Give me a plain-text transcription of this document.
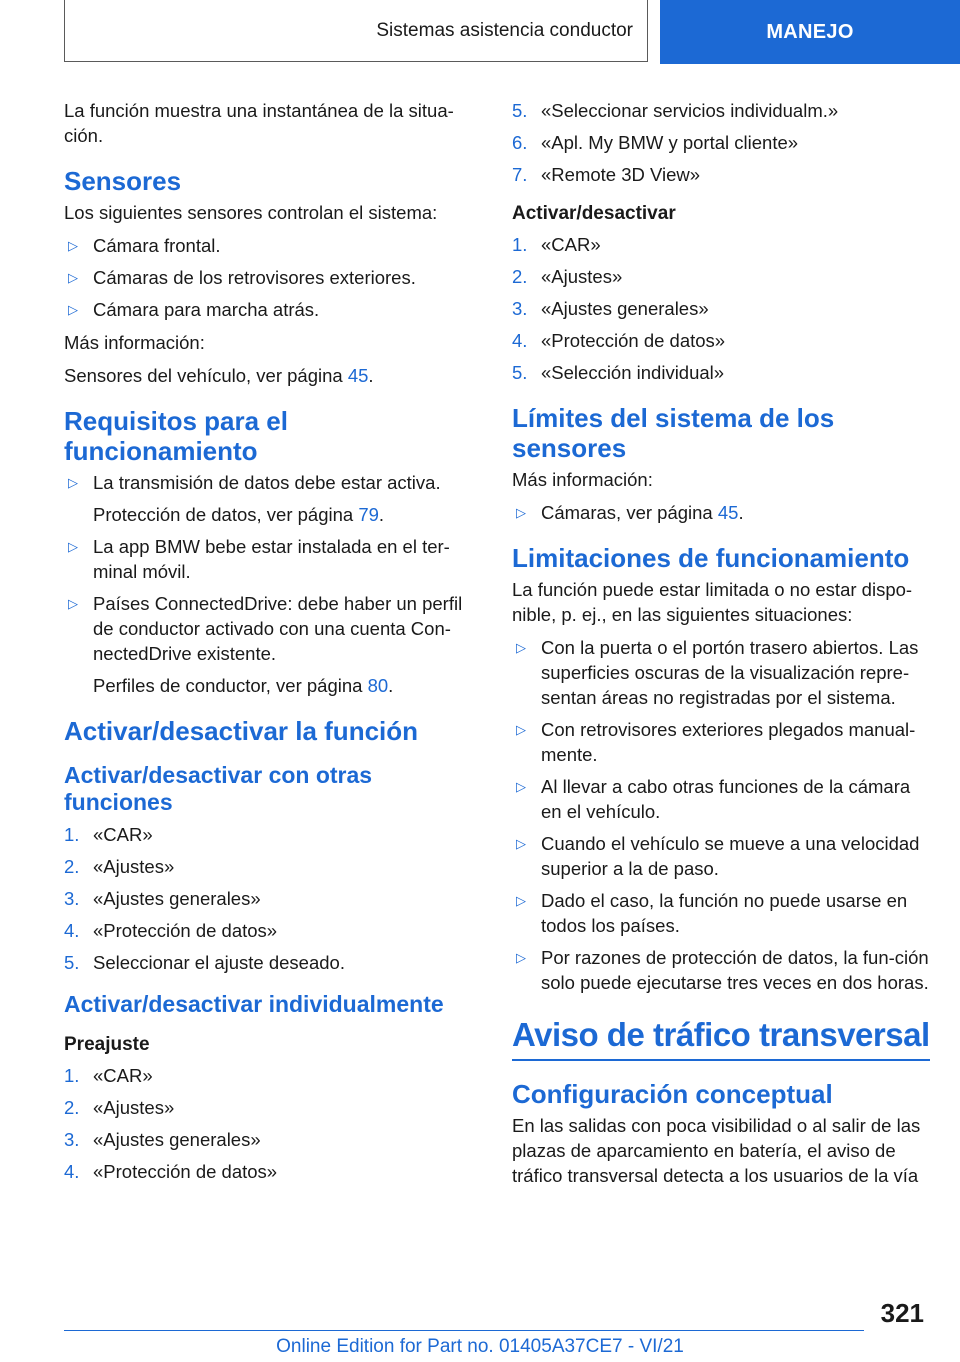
Sistemas asistencia conductor	MANEJO

La función muestra una instantánea de la situa-ción.

Sensores

Los siguientes sensores controlan el sistema:

▷ Cámara frontal.
▷ Cámaras de los retrovisores exteriores.
▷ Cámara para marcha atrás.

Más información:

Sensores del vehículo, ver página 45.

Requisitos para el funcionamiento
▷ La transmisión de datos debe estar activa.
Protección de datos, ver página 79.
▷ La app BMW bebe estar instalada en el ter-minal móvil.
▷ Países ConnectedDrive: debe haber un perfil de conductor activado con una cuenta Con-nectedDrive existente.
Perfiles de conductor, ver página 80.
Activar/desactivar la función
Activar/desactivar con otras funciones
1. «CAR»
2. «Ajustes»
3. «Ajustes generales»
4. «Protección de datos»
5. Seleccionar el ajuste deseado.
Activar/desactivar individualmente
Preajuste
1. «CAR»
2. «Ajustes»
3. «Ajustes generales»
4. «Protección de datos»
5. «Seleccionar servicios individualm.»
6. «Apl. My BMW y portal cliente»
7. «Remote 3D View»
Activar/desactivar
1. «CAR»
2. «Ajustes»
3. «Ajustes generales»
4. «Protección de datos»
5. «Selección individual»
Límites del sistema de los sensores

Más información:

▷ Cámaras, ver página 45.
Limitaciones de funcionamiento

La función puede estar limitada o no estar dispo-nible, p. ej., en las siguientes situaciones:

▷ Con la puerta o el portón trasero abiertos. Las superficies oscuras de la visualización repre-sentan áreas no registradas por el sistema.
▷ Con retrovisores exteriores plegados manual-mente.
▷ Al llevar a cabo otras funciones de la cámara en el vehículo.
▷ Cuando el vehículo se mueve a una velocidad superior a la de paso.
▷ Dado el caso, la función no puede usarse en todos los países.
▷ Por razones de protección de datos, la fun-ción solo puede ejecutarse tres veces en dos horas.
Aviso de tráfico transversal
Configuración conceptual

En las salidas con poca visibilidad o al salir de las plazas de aparcamiento en batería, el aviso de tráfico transversal detecta a los usuarios de la vía

321
Online Edition for Part no. 01405A37CE7 - VI/21
